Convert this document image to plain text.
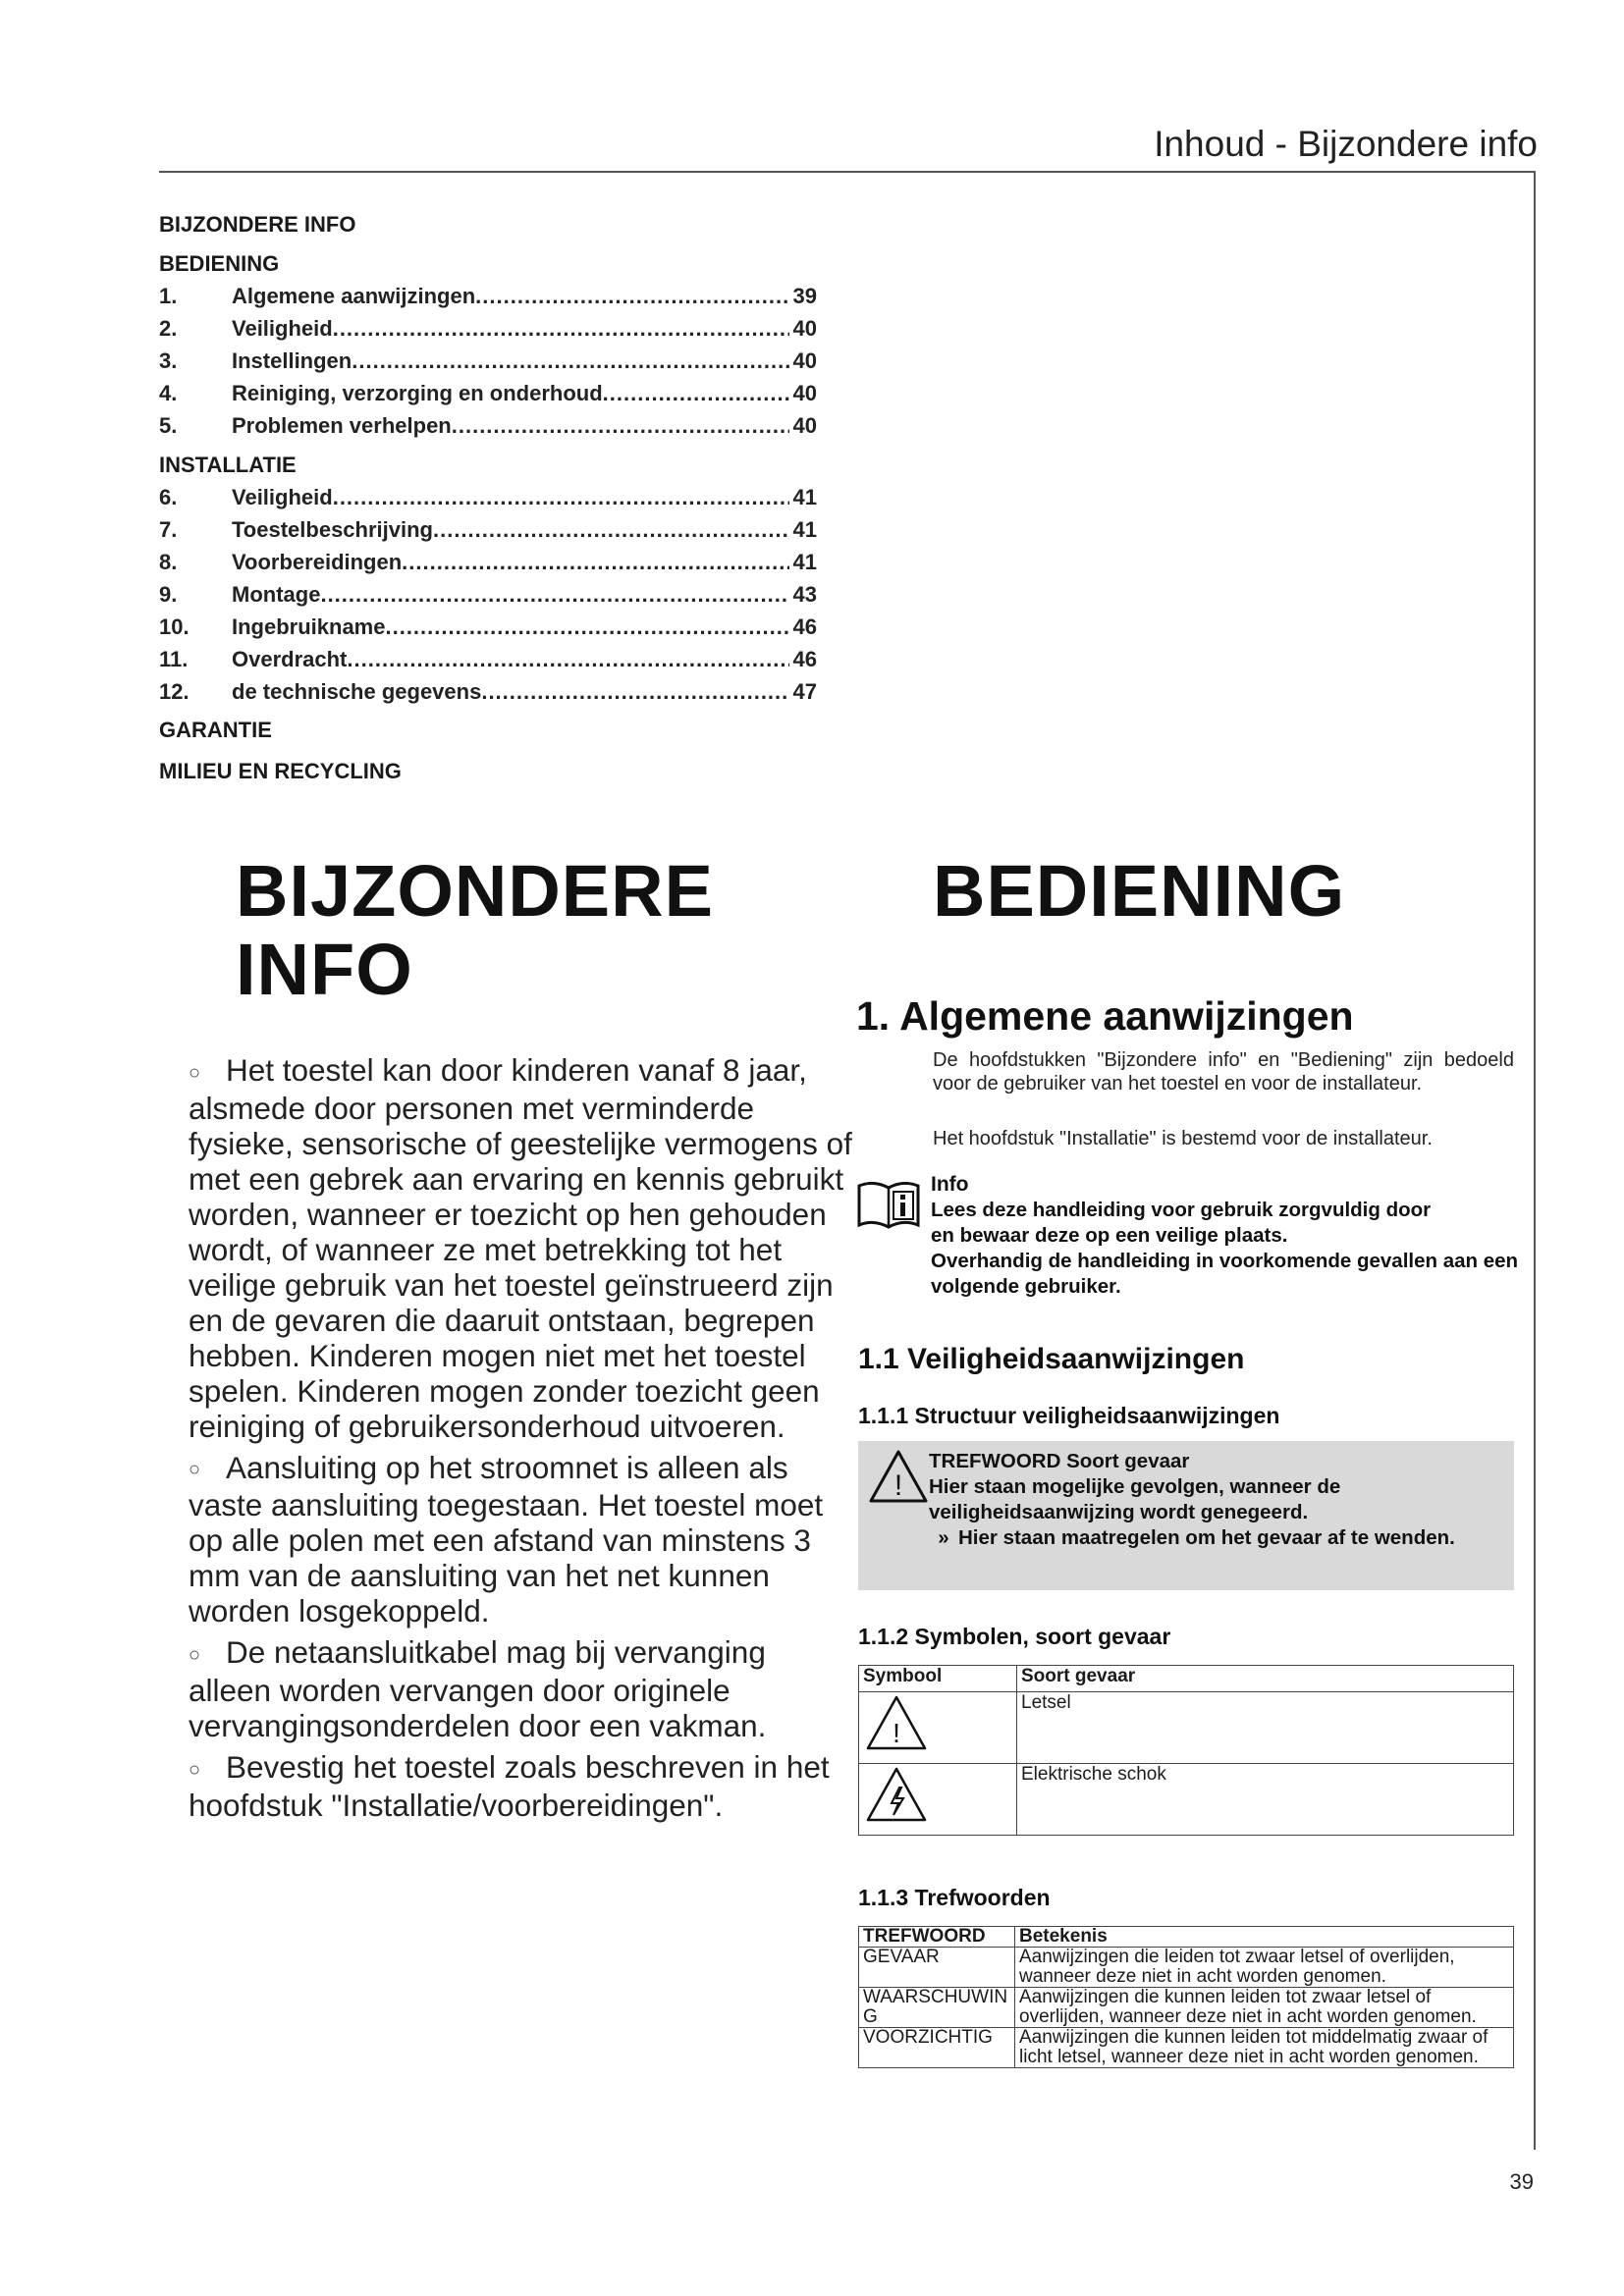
Inhoud - Bijzondere info
BIJZONDERE INFO
BEDIENING
1.	Algemene aanwijzingen .....	39
2.	Veiligheid .....	40
3.	Instellingen .....	40
4.	Reiniging, verzorging en onderhoud .....	40
5.	Problemen verhelpen .....	40
INSTALLATIE
6.	Veiligheid .....	41
7.	Toestelbeschrijving .....	41
8.	Voorbereidingen .....	41
9.	Montage .....	43
10.	Ingebruikname .....	46
11.	Overdracht .....	46
12.	de technische gegevens .....	47
GARANTIE
MILIEU EN RECYCLING
BIJZONDERE
INFO
○ Het toestel kan door kinderen vanaf 8 jaar, alsmede door personen met verminderde fysieke, sensorische of geestelijke vermogens of met een gebrek aan ervaring en kennis gebruikt worden, wanneer er toezicht op hen gehouden wordt, of wanneer ze met betrekking tot het veilige gebruik van het toestel geïnstrueerd zijn en de gevaren die daaruit ontstaan, begrepen hebben. Kinderen mogen niet met het toestel spelen. Kinderen mogen zonder toezicht geen reiniging of gebruikersonderhoud uitvoeren.
○ Aansluiting op het stroomnet is alleen als vaste aansluiting toegestaan. Het toestel moet op alle polen met een afstand van minstens 3 mm van de aansluiting van het net kunnen worden losgekoppeld.
○ De netaansluitkabel mag bij vervanging alleen worden vervangen door originele vervangingsonderdelen door een vakman.
○ Bevestig het toestel zoals beschreven in het hoofdstuk "Installatie/voorbereidingen".
BEDIENING
1. Algemene aanwijzingen
De hoofdstukken "Bijzondere info" en "Bediening" zijn bedoeld voor de gebruiker van het toestel en voor de installateur.
Het hoofdstuk "Installatie" is bestemd voor de installateur.
Info
Lees deze handleiding voor gebruik zorgvuldig door
en bewaar deze op een veilige plaats.
Overhandig de handleiding in voorkomende gevallen aan een volgende gebruiker.
1.1 Veiligheidsaanwijzingen
1.1.1 Structuur veiligheidsaanwijzingen
!
TREFWOORD Soort gevaar
Hier staan mogelijke gevolgen, wanneer de veiligheidsaanwijzing wordt genegeerd.
» Hier staan maatregelen om het gevaar af te wenden.
1.1.2 Symbolen, soort gevaar
Symbool	Soort gevaar

!	Letsel
	Elektrische schok
1.1.3 Trefwoorden
TREFWOORD	Betekenis
GEVAAR	Aanwijzingen die leiden tot zwaar letsel of overlijden, wanneer deze niet in acht worden genomen.
WAARSCHUWING	Aanwijzingen die kunnen leiden tot zwaar letsel of overlijden, wanneer deze niet in acht worden genomen.
VOORZICHTIG	Aanwijzingen die kunnen leiden tot middelmatig zwaar of licht letsel, wanneer deze niet in acht worden genomen.
39
